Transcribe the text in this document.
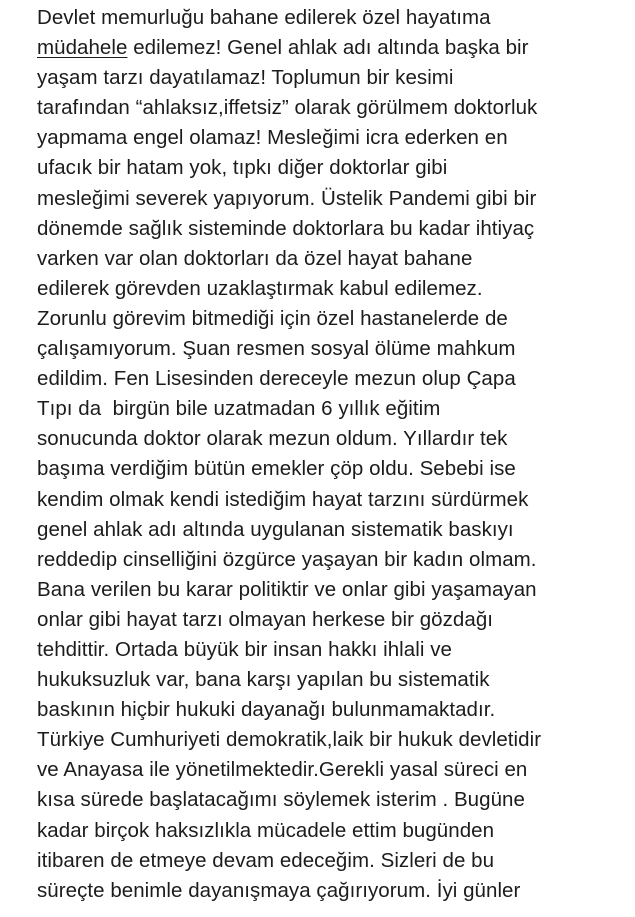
Devlet memurluğu bahane edilerek özel hayatıma
müdahele edilemez! Genel ahlak adı altında başka bir
yaşam tarzı dayatılamaz! Toplumun bir kesimi
tarafından “ahlaksız,iffetsiz” olarak görülmem doktorluk
yapmama engel olamaz! Mesleğimi icra ederken en
ufacık bir hatam yok, tıpkı diğer doktorlar gibi
mesleğimi severek yapıyorum. Üstelik Pandemi gibi bir
dönemde sağlık sisteminde doktorlara bu kadar ihtiyaç
varken var olan doktorları da özel hayat bahane
edilerek görevden uzaklaştırmak kabul edilemez.
Zorunlu görevim bitmediği için özel hastanelerde de
çalışamıyorum. Şuan resmen sosyal ölüme mahkum
edildim. Fen Lisesinden dereceyle mezun olup Çapa
Tıpı da  birgün bile uzatmadan 6 yıllık eğitim
sonucunda doktor olarak mezun oldum. Yıllardır tek
başıma verdiğim bütün emekler çöp oldu. Sebebi ise
kendim olmak kendi istediğim hayat tarzını sürdürmek
genel ahlak adı altında uygulanan sistematik baskıyı
reddedip cinselliğini özgürce yaşayan bir kadın olmam.
Bana verilen bu karar politiktir ve onlar gibi yaşamayan
onlar gibi hayat tarzı olmayan herkese bir gözdağı
tehdittir. Ortada büyük bir insan hakkı ihlali ve
hukuksuzluk var, bana karşı yapılan bu sistematik
baskının hiçbir hukuki dayanağı bulunmamaktadır.
Türkiye Cumhuriyeti demokratik,laik bir hukuk devletidir
ve Anayasa ile yönetilmektedir.Gerekli yasal süreci en
kısa sürede başlatacağımı söylemek isterim . Bugüne
kadar birçok haksızlıkla mücadele ettim bugünden
itibaren de etmeye devam edeceğim. Sizleri de bu
süreçte benimle dayanışmaya çağırıyorum. İyi günler
